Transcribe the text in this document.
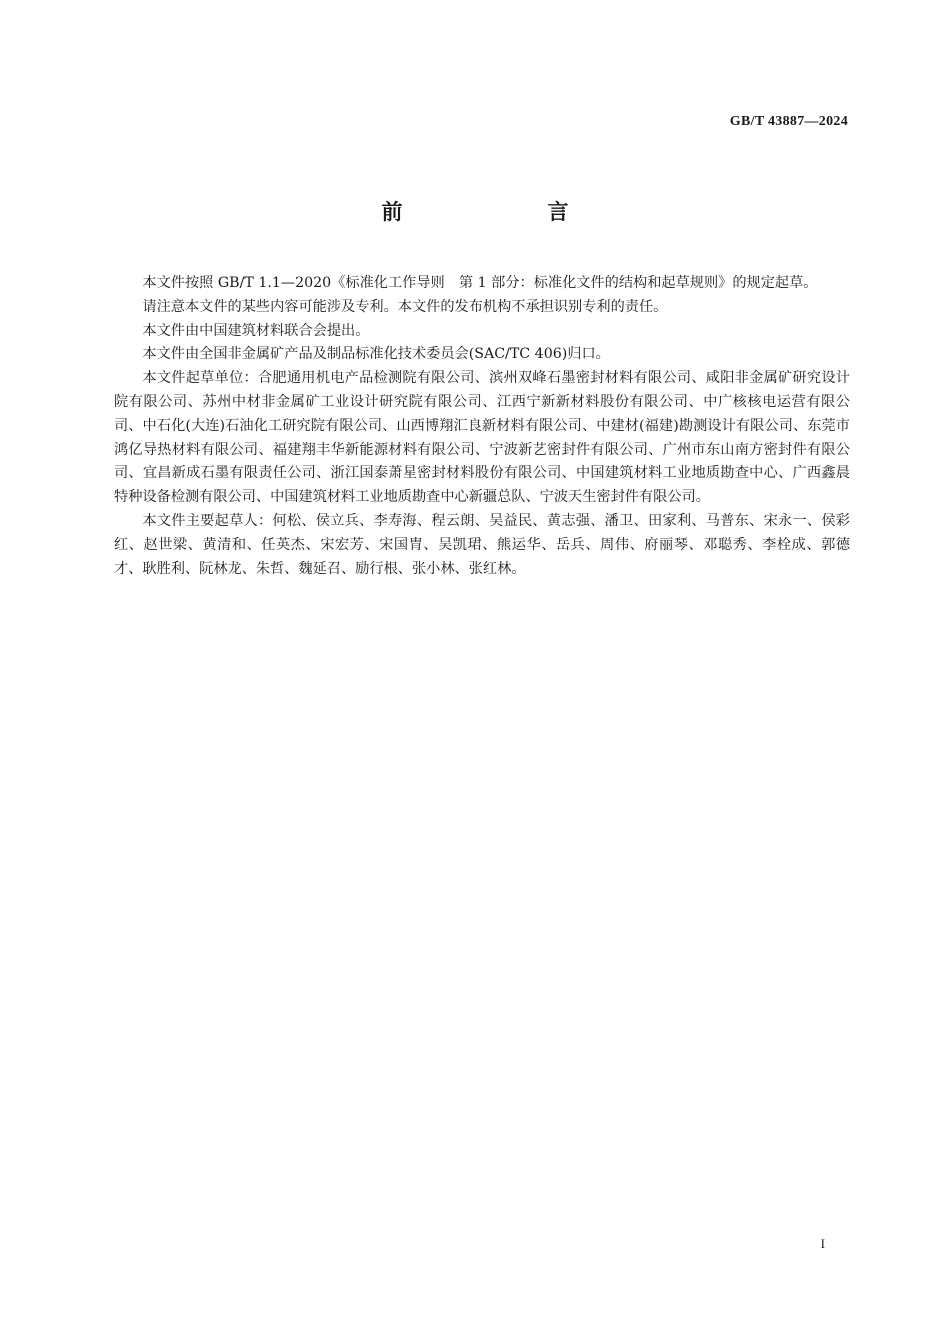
GB/T 43887—2024
前　言

本文件按照 GB/T 1.1—2020《标准化工作导则　第 1 部分：标准化文件的结构和起草规则》的规定起草。

请注意本文件的某些内容可能涉及专利。本文件的发布机构不承担识别专利的责任。

本文件由中国建筑材料联合会提出。

本文件由全国非金属矿产品及制品标准化技术委员会(SAC/TC 406)归口。

本文件起草单位：合肥通用机电产品检测院有限公司、滨州双峰石墨密封材料有限公司、咸阳非金属矿研究设计院有限公司、苏州中材非金属矿工业设计研究院有限公司、江西宁新新材料股份有限公司、中广核核电运营有限公司、中石化(大连)石油化工研究院有限公司、山西博翔汇良新材料有限公司、中建材(福建)勘测设计有限公司、东莞市鸿亿导热材料有限公司、福建翔丰华新能源材料有限公司、宁波新艺密封件有限公司、广州市东山南方密封件有限公司、宜昌新成石墨有限责任公司、浙江国泰萧星密封材料股份有限公司、中国建筑材料工业地质勘查中心、广西鑫晨特种设备检测有限公司、中国建筑材料工业地质勘查中心新疆总队、宁波天生密封件有限公司。

本文件主要起草人：何松、侯立兵、李寿海、程云朗、吴益民、黄志强、潘卫、田家利、马普东、宋永一、侯彩红、赵世梁、黄清和、任英杰、宋宏芳、宋国胄、吴凯珺、熊运华、岳兵、周伟、府丽琴、邓聪秀、李栓成、郭德才、耿胜利、阮林龙、朱哲、魏延召、励行根、张小林、张红林。

I
